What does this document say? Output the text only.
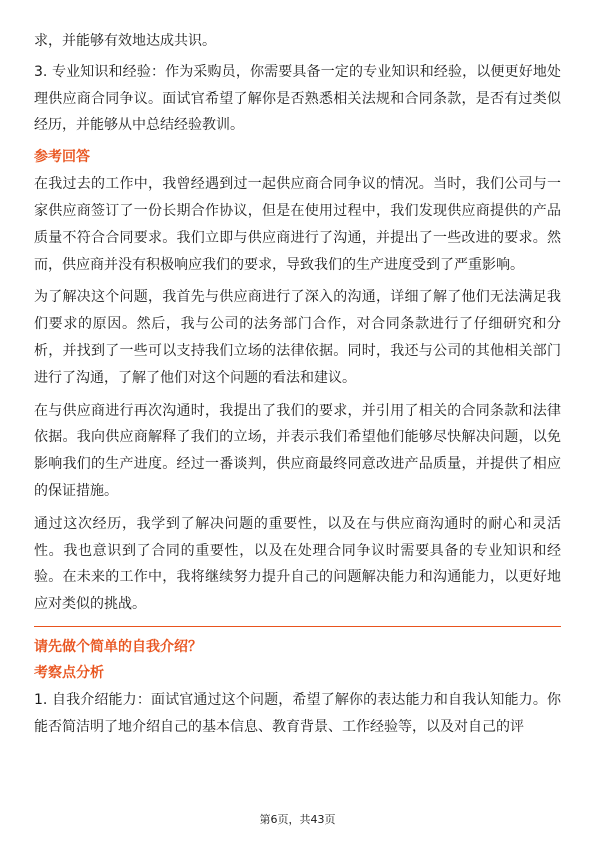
求，并能够有效地达成共识。

3. 专业知识和经验：作为采购员，你需要具备一定的专业知识和经验，以便更好地处理供应商合同争议。面试官希望了解你是否熟悉相关法规和合同条款，是否有过类似经历，并能够从中总结经验教训。

参考回答

在我过去的工作中，我曾经遇到过一起供应商合同争议的情况。当时，我们公司与一家供应商签订了一份长期合作协议，但是在使用过程中，我们发现供应商提供的产品质量不符合合同要求。我们立即与供应商进行了沟通，并提出了一些改进的要求。然而，供应商并没有积极响应我们的要求，导致我们的生产进度受到了严重影响。

为了解决这个问题，我首先与供应商进行了深入的沟通，详细了解了他们无法满足我们要求的原因。然后，我与公司的法务部门合作，对合同条款进行了仔细研究和分析，并找到了一些可以支持我们立场的法律依据。同时，我还与公司的其他相关部门进行了沟通，了解了他们对这个问题的看法和建议。

在与供应商进行再次沟通时，我提出了我们的要求，并引用了相关的合同条款和法律依据。我向供应商解释了我们的立场，并表示我们希望他们能够尽快解决问题，以免影响我们的生产进度。经过一番谈判，供应商最终同意改进产品质量，并提供了相应的保证措施。

通过这次经历，我学到了解决问题的重要性，以及在与供应商沟通时的耐心和灵活性。我也意识到了合同的重要性，以及在处理合同争议时需要具备的专业知识和经验。在未来的工作中，我将继续努力提升自己的问题解决能力和沟通能力，以更好地应对类似的挑战。

请先做个简单的自我介绍？
考察点分析

1. 自我介绍能力：面试官通过这个问题，希望了解你的表达能力和自我认知能力。你能否简洁明了地介绍自己的基本信息、教育背景、工作经验等，以及对自己的评

第6页，共43页
